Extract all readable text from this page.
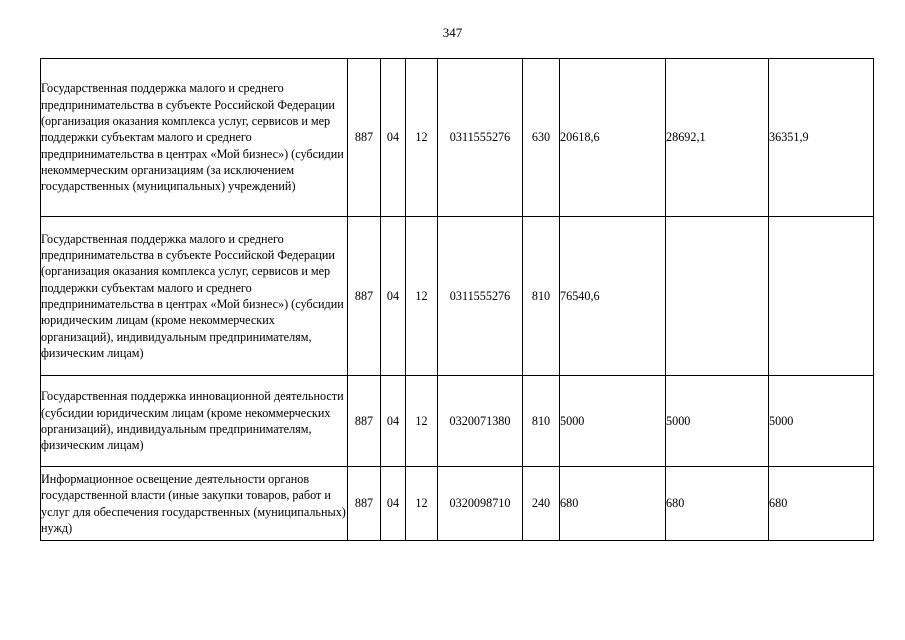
347
Государственная поддержка малого и среднего предпринимательства в субъекте Российской Федерации (организация оказания комплекса услуг, сервисов и мер поддержки субъектам малого и среднего предпринимательства в центрах «Мой бизнес») (субсидии некоммерческим организациям (за исключением государственных (муниципальных) учреждений)	887	04	12	0311555276	630	20618,6	28692,1	36351,9
Государственная поддержка малого и среднего предпринимательства в субъекте Российской Федерации (организация оказания комплекса услуг, сервисов и мер поддержки субъектам малого и среднего предпринимательства в центрах «Мой бизнес») (субсидии юридическим лицам (кроме некоммерческих организаций), индивидуальным предпринимателям, физическим лицам)	887	04	12	0311555276	810	76540,6		
Государственная поддержка инновационной деятельности (субсидии юридическим лицам (кроме некоммерческих организаций), индивидуальным предпринимателям, физическим лицам)	887	04	12	0320071380	810	5000	5000	5000
Информационное освещение деятельности органов государственной власти (иные закупки товаров, работ и услуг для обеспечения государственных (муниципальных) нужд)	887	04	12	0320098710	240	680	680	680
